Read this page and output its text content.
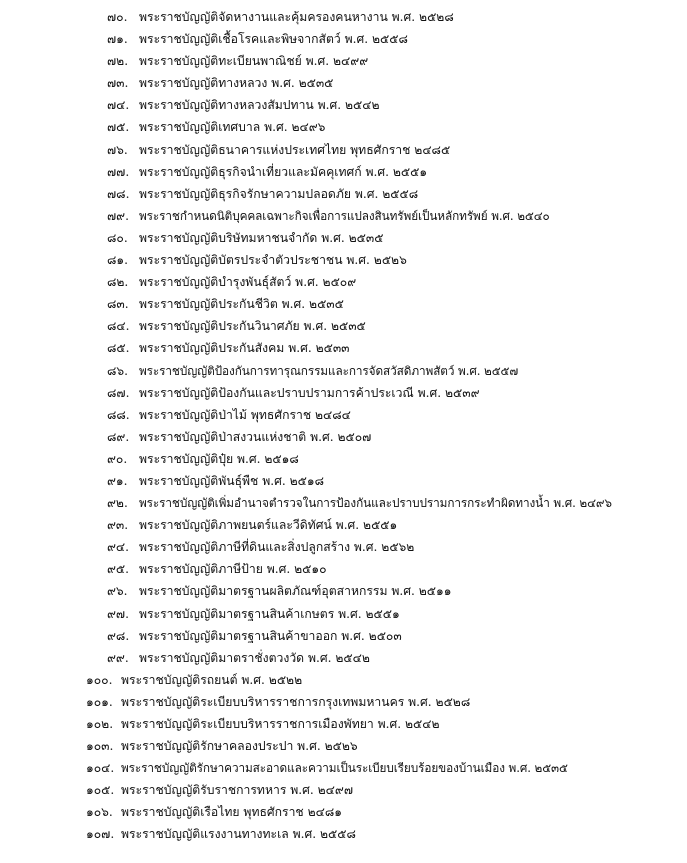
๗๐. พระราชบัญญัติจัดหางานและคุ้มครองคนหางาน พ.ศ. ๒๕๒๘
๗๑. พระราชบัญญัติเชื้อโรคและพิษจากสัตว์ พ.ศ. ๒๕๕๘
๗๒. พระราชบัญญัติทะเบียนพาณิชย์ พ.ศ. ๒๔๙๙
๗๓. พระราชบัญญัติทางหลวง พ.ศ. ๒๕๓๕
๗๔. พระราชบัญญัติทางหลวงสัมปทาน พ.ศ. ๒๕๔๒
๗๕. พระราชบัญญัติเทศบาล พ.ศ. ๒๔๙๖
๗๖. พระราชบัญญัติธนาคารแห่งประเทศไทย พุทธศักราช ๒๔๘๕
๗๗. พระราชบัญญัติธุรกิจนำเที่ยวและมัคคุเทศก์ พ.ศ. ๒๕๕๑
๗๘. พระราชบัญญัติธุรกิจรักษาความปลอดภัย พ.ศ. ๒๕๕๘
๗๙. พระราชกำหนดนิติบุคคลเฉพาะกิจเพื่อการแปลงสินทรัพย์เป็นหลักทรัพย์ พ.ศ. ๒๕๔๐
๘๐. พระราชบัญญัติบริษัทมหาชนจำกัด พ.ศ. ๒๕๓๕
๘๑. พระราชบัญญัติบัตรประจำตัวประชาชน พ.ศ. ๒๕๒๖
๘๒. พระราชบัญญัติบำรุงพันธุ์สัตว์ พ.ศ. ๒๕๐๙
๘๓. พระราชบัญญัติประกันชีวิต พ.ศ. ๒๕๓๕
๘๔. พระราชบัญญัติประกันวินาศภัย พ.ศ. ๒๕๓๕
๘๕. พระราชบัญญัติประกันสังคม พ.ศ. ๒๕๓๓
๘๖. พระราชบัญญัติป้องกันการทารุณกรรมและการจัดสวัสดิภาพสัตว์ พ.ศ. ๒๕๕๗
๘๗. พระราชบัญญัติป้องกันและปราบปรามการค้าประเวณี พ.ศ. ๒๕๓๙
๘๘. พระราชบัญญัติป่าไม้ พุทธศักราช ๒๔๘๔
๘๙. พระราชบัญญัติป่าสงวนแห่งชาติ พ.ศ. ๒๕๐๗
๙๐. พระราชบัญญัติปุ๋ย พ.ศ. ๒๕๑๘
๙๑. พระราชบัญญัติพันธุ์พืช พ.ศ. ๒๕๑๘
๙๒. พระราชบัญญัติเพิ่มอำนาจตำรวจในการป้องกันและปราบปรามการกระทำผิดทางน้ำ พ.ศ. ๒๔๙๖
๙๓. พระราชบัญญัติภาพยนตร์และวีดิทัศน์ พ.ศ. ๒๕๕๑
๙๔. พระราชบัญญัติภาษีที่ดินและสิ่งปลูกสร้าง พ.ศ. ๒๕๖๒
๙๕. พระราชบัญญัติภาษีป้าย พ.ศ. ๒๕๑๐
๙๖. พระราชบัญญัติมาตรฐานผลิตภัณฑ์อุตสาหกรรม พ.ศ. ๒๕๑๑
๙๗. พระราชบัญญัติมาตรฐานสินค้าเกษตร พ.ศ. ๒๕๕๑
๙๘. พระราชบัญญัติมาตรฐานสินค้าขาออก พ.ศ. ๒๕๐๓
๙๙. พระราชบัญญัติมาตราชั่งตวงวัด พ.ศ. ๒๕๔๒
๑๐๐. พระราชบัญญัติรถยนต์ พ.ศ. ๒๕๒๒
๑๐๑. พระราชบัญญัติระเบียบบริหารราชการกรุงเทพมหานคร พ.ศ. ๒๕๒๘
๑๐๒. พระราชบัญญัติระเบียบบริหารราชการเมืองพัทยา พ.ศ. ๒๕๔๒
๑๐๓. พระราชบัญญัติรักษาคลองประปา พ.ศ. ๒๕๒๖
๑๐๔. พระราชบัญญัติรักษาความสะอาดและความเป็นระเบียบเรียบร้อยของบ้านเมือง พ.ศ. ๒๕๓๕
๑๐๕. พระราชบัญญัติรับราชการทหาร พ.ศ. ๒๔๙๗
๑๐๖. พระราชบัญญัติเรือไทย พุทธศักราช ๒๔๘๑
๑๐๗. พระราชบัญญัติแรงงานทางทะเล พ.ศ. ๒๕๕๘
